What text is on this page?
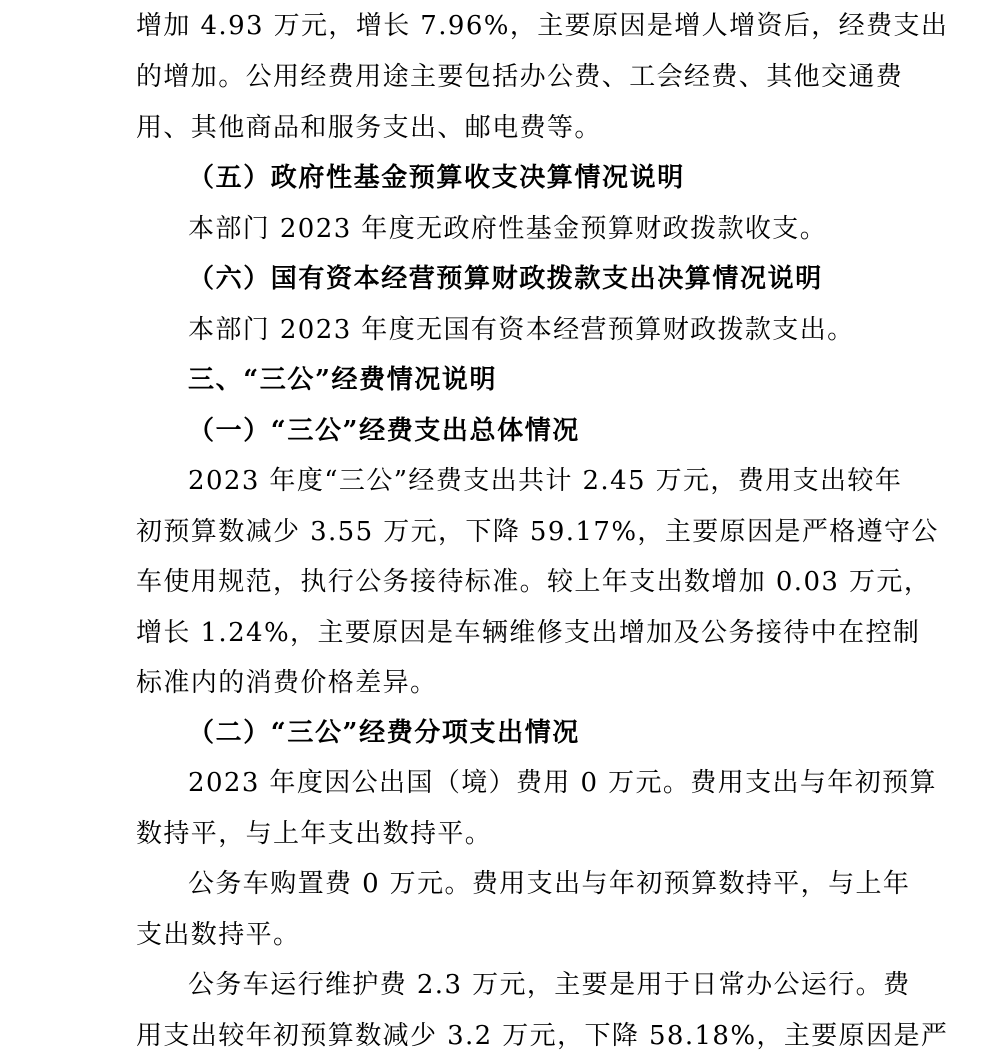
增加 4.93 万元，增长 7.96%，主要原因是增人增资后，经费支出
的增加。公用经费用途主要包括办公费、工会经费、其他交通费
用、其他商品和服务支出、邮电费等。
（五）政府性基金预算收支决算情况说明
本部门 2023 年度无政府性基金预算财政拨款收支。
（六）国有资本经营预算财政拨款支出决算情况说明
本部门 2023 年度无国有资本经营预算财政拨款支出。
三、“三公”经费情况说明
（一）“三公”经费支出总体情况
2023 年度“三公”经费支出共计 2.45 万元，费用支出较年
初预算数减少 3.55 万元，下降 59.17%，主要原因是严格遵守公
车使用规范，执行公务接待标准。较上年支出数增加 0.03 万元，
增长 1.24%，主要原因是车辆维修支出增加及公务接待中在控制
标准内的消费价格差异。
（二）“三公”经费分项支出情况
2023 年度因公出国（境）费用 0 万元。费用支出与年初预算
数持平，与上年支出数持平。
公务车购置费 0 万元。费用支出与年初预算数持平，与上年
支出数持平。
公务车运行维护费 2.3 万元，主要是用于日常办公运行。费
用支出较年初预算数减少 3.2 万元，下降 58.18%，主要原因是严
